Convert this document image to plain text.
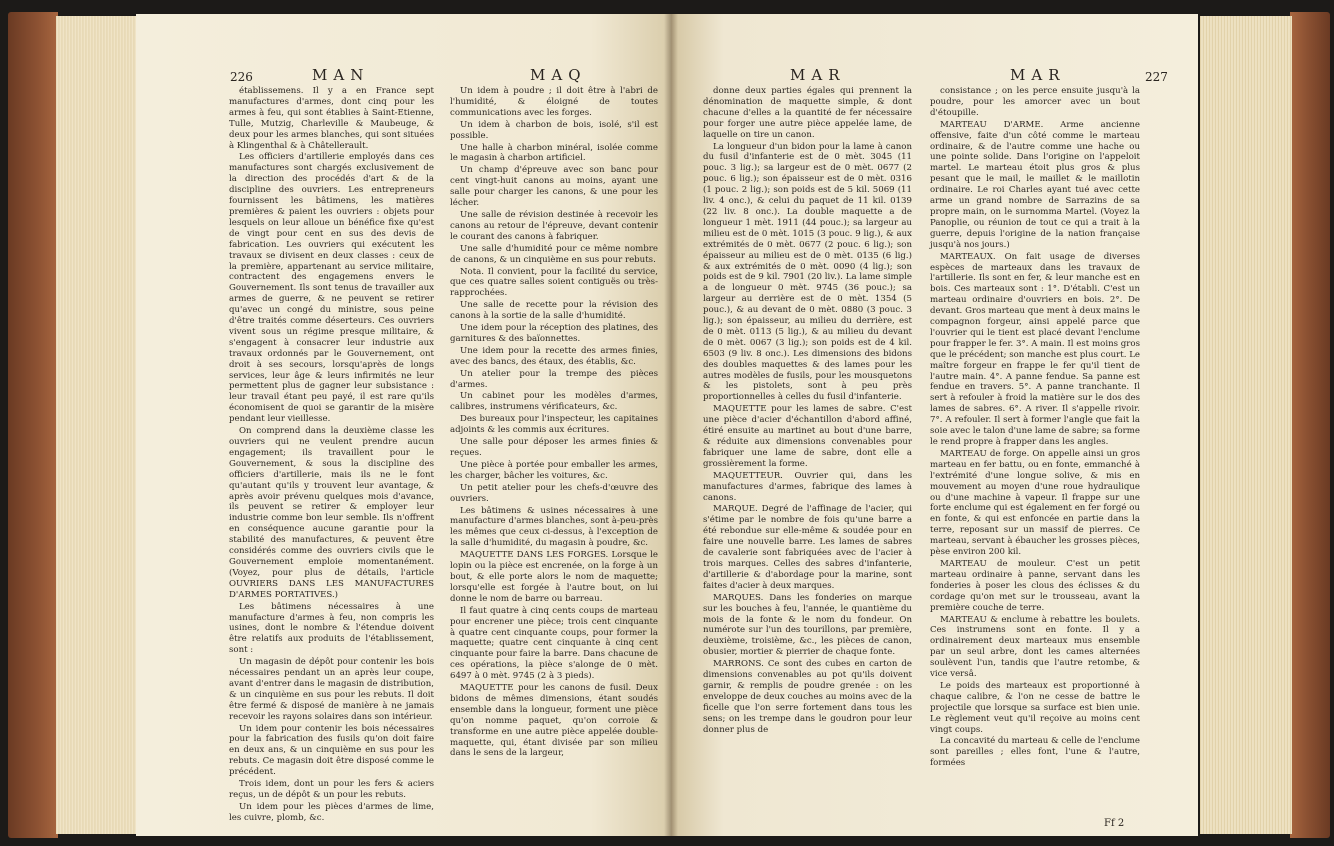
226	MAN	MAQ

établissemens. Il y a en France sept manufactures d'armes, dont cinq pour les armes à feu, qui sont établies à Saint-Etienne, Tulle, Mutzig, Charleville & Maubeuge, & deux pour les armes blanches, qui sont situées à Klingenthal & à Châtellerault.

Les officiers d'artillerie employés dans ces manufactures sont chargés exclusivement de la direction des procédés d'art & de la discipline des ouvriers. Les entrepreneurs fournissent les bâtimens, les matières premières & paient les ouvriers : objets pour lesquels on leur alloue un bénéfice fixe qu'est de vingt pour cent en sus des devis de fabrication. Les ouvriers qui exécutent les travaux se divisent en deux classes : ceux de la première, appartenant au service militaire, contractent des engagemens envers le Gouvernement. Ils sont tenus de travailler aux armes de guerre, & ne peuvent se retirer qu'avec un congé du ministre, sous peine d'être traités comme déserteurs. Ces ouvriers vivent sous un régime presque militaire, & s'engagent à consacrer leur industrie aux travaux ordonnés par le Gouvernement, ont droit à ses secours, lorsqu'après de longs services, leur âge & leurs infirmités ne leur permettent plus de gagner leur subsistance : leur travail étant peu payé, il est rare qu'ils économisent de quoi se garantir de la misère pendant leur vieillesse.

On comprend dans la deuxième classe les ouvriers qui ne veulent prendre aucun engagement; ils travaillent pour le Gouvernement, & sous la discipline des officiers d'artillerie, mais ils ne le font qu'autant qu'ils y trouvent leur avantage, & après avoir prévenu quelques mois d'avance, ils peuvent se retirer & employer leur industrie comme bon leur semble. Ils n'offrent en conséquence aucune garantie pour la stabilité des manufactures, & peuvent être considérés comme des ouvriers civils que le Gouvernement emploie momentanément. (Voyez, pour plus de détails, l'article OUVRIERS DANS LES MANUFACTURES D'ARMES PORTATIVES.)

Les bâtimens nécessaires à une manufacture d'armes à feu, non compris les usines, dont le nombre & l'étendue doivent être relatifs aux produits de l'établissement, sont :

Un magasin de dépôt pour contenir les bois nécessaires pendant un an après leur coupe, avant d'entrer dans le magasin de distribution, & un cinquième en sus pour les rebuts. Il doit être fermé & disposé de manière à ne jamais recevoir les rayons solaires dans son intérieur.

Un idem pour contenir les bois nécessaires pour la fabrication des fusils qu'on doit faire en deux ans, & un cinquième en sus pour les rebuts. Ce magasin doit être disposé comme le précédent.

Trois idem, dont un pour les fers & aciers reçus, un de dépôt & un pour les rebuts.

Un idem pour les pièces d'armes de lime, les cuivre, plomb, &c.

Un idem à poudre ; il doit être à l'abri de l'humidité, & éloigné de toutes communications avec les forges.

Un idem à charbon de bois, isolé, s'il est possible.

Une halle à charbon minéral, isolée comme le magasin à charbon artificiel.

Un champ d'épreuve avec son banc pour cent vingt-huit canons au moins, ayant une salle pour charger les canons, & une pour les lécher.

Une salle de révision destinée à recevoir les canons au retour de l'épreuve, devant contenir le courant des canons à fabriquer.

Une salle d'humidité pour ce même nombre de canons, & un cinquième en sus pour rebuts.

Nota. Il convient, pour la facilité du service, que ces quatre salles soient contiguës ou très-rapprochées.

Une salle de recette pour la révision des canons à la sortie de la salle d'humidité.

Une idem pour la réception des platines, des garnitures & des baïonnettes.

Une idem pour la recette des armes finies, avec des bancs, des étaux, des établis, &c.

Un atelier pour la trempe des pièces d'armes.

Un cabinet pour les modèles d'armes, calibres, instrumens vérificateurs, &c.

Des bureaux pour l'inspecteur, les capitaines adjoints & les commis aux écritures.

Une salle pour déposer les armes finies & reçues.

Une pièce à portée pour emballer les armes, les charger, bâcher les voitures, &c.

Un petit atelier pour les chefs-d'œuvre des ouvriers.

Les bâtimens & usines nécessaires à une manufacture d'armes blanches, sont à-peu-près les mêmes que ceux ci-dessus, à l'exception de la salle d'humidité, du magasin à poudre, &c.

MAQUETTE DANS LES FORGES. Lorsque le lopin ou la pièce est encrenée, on la forge à un bout, & elle porte alors le nom de maquette; lorsqu'elle est forgée à l'autre bout, on lui donne le nom de barre ou barreau.

Il faut quatre à cinq cents coups de marteau pour encrener une pièce; trois cent cinquante à quatre cent cinquante coups, pour former la maquette; quatre cent cinquante à cinq cent cinquante pour faire la barre. Dans chacune de ces opérations, la pièce s'alonge de 0 mèt. 6497 à 0 mèt. 9745 (2 à 3 pieds).

MAQUETTE pour les canons de fusil. Deux bidons de mêmes dimensions, étant soudés ensemble dans la longueur, forment une pièce qu'on nomme paquet, qu'on corroie & transforme en une autre pièce appelée double-maquette, qui, étant divisée par son milieu dans le sens de la largeur,

MAR	MAR	227

donne deux parties égales qui prennent la dénomination de maquette simple, & dont chacune d'elles a la quantité de fer nécessaire pour forger une autre pièce appelée lame, de laquelle on tire un canon.

La longueur d'un bidon pour la lame à canon du fusil d'infanterie est de 0 mèt. 3045 (11 pouc. 3 lig.); sa largeur est de 0 mèt. 0677 (2 pouc. 6 lig.); son épaisseur est de 0 mèt. 0316 (1 pouc. 2 lig.); son poids est de 5 kil. 5069 (11 liv. 4 onc.), & celui du paquet de 11 kil. 0139 (22 liv. 8 onc.). La double maquette a de longueur 1 mèt. 1911 (44 pouc.); sa largeur au milieu est de 0 mèt. 1015 (3 pouc. 9 lig.), & aux extrémités de 0 mèt. 0677 (2 pouc. 6 lig.); son épaisseur au milieu est de 0 mèt. 0135 (6 lig.) & aux extrémités de 0 mèt. 0090 (4 lig.); son poids est de 9 kil. 7901 (20 liv.). La lame simple a de longueur 0 mèt. 9745 (36 pouc.); sa largeur au derrière est de 0 mèt. 1354 (5 pouc.), & au devant de 0 mèt. 0880 (3 pouc. 3 lig.); son épaisseur, au milieu du derrière, est de 0 mèt. 0113 (5 lig.), & au milieu du devant de 0 mèt. 0067 (3 lig.); son poids est de 4 kil. 6503 (9 liv. 8 onc.). Les dimensions des bidons des doubles maquettes & des lames pour les autres modèles de fusils, pour les mousquetons & les pistolets, sont à peu près proportionnelles à celles du fusil d'infanterie.

MAQUETTE pour les lames de sabre. C'est une pièce d'acier d'échantillon d'abord affiné, étiré ensuite au martinet au bout d'une barre, & réduite aux dimensions convenables pour fabriquer une lame de sabre, dont elle a grossièrement la forme.

MAQUETTEUR. Ouvrier qui, dans les manufactures d'armes, fabrique des lames à canons.

MARQUE. Degré de l'affinage de l'acier, qui s'étime par le nombre de fois qu'une barre a été rebondue sur elle-même & soudée pour en faire une nouvelle barre. Les lames de sabres de cavalerie sont fabriquées avec de l'acier à trois marques. Celles des sabres d'infanterie, d'artillerie & d'abordage pour la marine, sont faites d'acier à deux marques.

MARQUES. Dans les fonderies on marque sur les bouches à feu, l'année, le quantième du mois de la fonte & le nom du fondeur. On numérote sur l'un des tourillons, par première, deuxième, troisième, &c., les pièces de canon, obusier, mortier & pierrier de chaque fonte.

MARRONS. Ce sont des cubes en carton de dimensions convenables au pot qu'ils doivent garnir, & remplis de poudre grenée : on les enveloppe de deux couches au moins avec de la ficelle que l'on serre fortement dans tous les sens; on les trempe dans le goudron pour leur donner plus de

consistance ; on les perce ensuite jusqu'à la poudre, pour les amorcer avec un bout d'étoupille.

MARTEAU D'ARME. Arme ancienne offensive, faite d'un côté comme le marteau ordinaire, & de l'autre comme une hache ou une pointe solide. Dans l'origine on l'appeloit martel. Le marteau étoit plus gros & plus pesant que le mail, le maillet & le maillotin ordinaire. Le roi Charles ayant tué avec cette arme un grand nombre de Sarrazins de sa propre main, on le surnomma Martel. (Voyez la Panoplie, ou réunion de tout ce qui a trait à la guerre, depuis l'origine de la nation française jusqu'à nos jours.)

MARTEAUX. On fait usage de diverses espèces de marteaux dans les travaux de l'artillerie. Ils sont en fer, & leur manche est en bois. Ces marteaux sont : 1°. D'établi. C'est un marteau ordinaire d'ouvriers en bois. 2°. De devant. Gros marteau que ment à deux mains le compagnon forgeur, ainsi appelé parce que l'ouvrier qui le tient est placé devant l'enclume pour frapper le fer. 3°. A main. Il est moins gros que le précédent; son manche est plus court. Le maître forgeur en frappe le fer qu'il tient de l'autre main. 4°. A panne fendue. Sa panne est fendue en travers. 5°. A panne tranchante. Il sert à refouler à froid la matière sur le dos des lames de sabres. 6°. A river. Il s'appelle rivoir. 7°. A refouler. Il sert à former l'angle que fait la soie avec le talon d'une lame de sabre; sa forme le rend propre à frapper dans les angles.

MARTEAU de forge. On appelle ainsi un gros marteau en fer battu, ou en fonte, emmanché à l'extrémité d'une longue solive, & mis en mouvement au moyen d'une roue hydraulique ou d'une machine à vapeur. Il frappe sur une forte enclume qui est également en fer forgé ou en fonte, & qui est enfoncée en partie dans la terre, reposant sur un massif de pierres. Ce marteau, servant à ébaucher les grosses pièces, pèse environ 200 kil.

MARTEAU de mouleur. C'est un petit marteau ordinaire à panne, servant dans les fonderies à poser les clous des éclisses & du cordage qu'on met sur le trousseau, avant la première couche de terre.

MARTEAU & enclume à rebattre les boulets. Ces instrumens sont en fonte. Il y a ordinairement deux marteaux mus ensemble par un seul arbre, dont les cames alternées soulèvent l'un, tandis que l'autre retombe, & vice versâ.

Le poids des marteaux est proportionné à chaque calibre, & l'on ne cesse de battre le projectile que lorsque sa surface est bien unie. Le règlement veut qu'il reçoive au moins cent vingt coups.

La concavité du marteau & celle de l'enclume sont pareilles ; elles font, l'une & l'autre, formées

Ff 2
